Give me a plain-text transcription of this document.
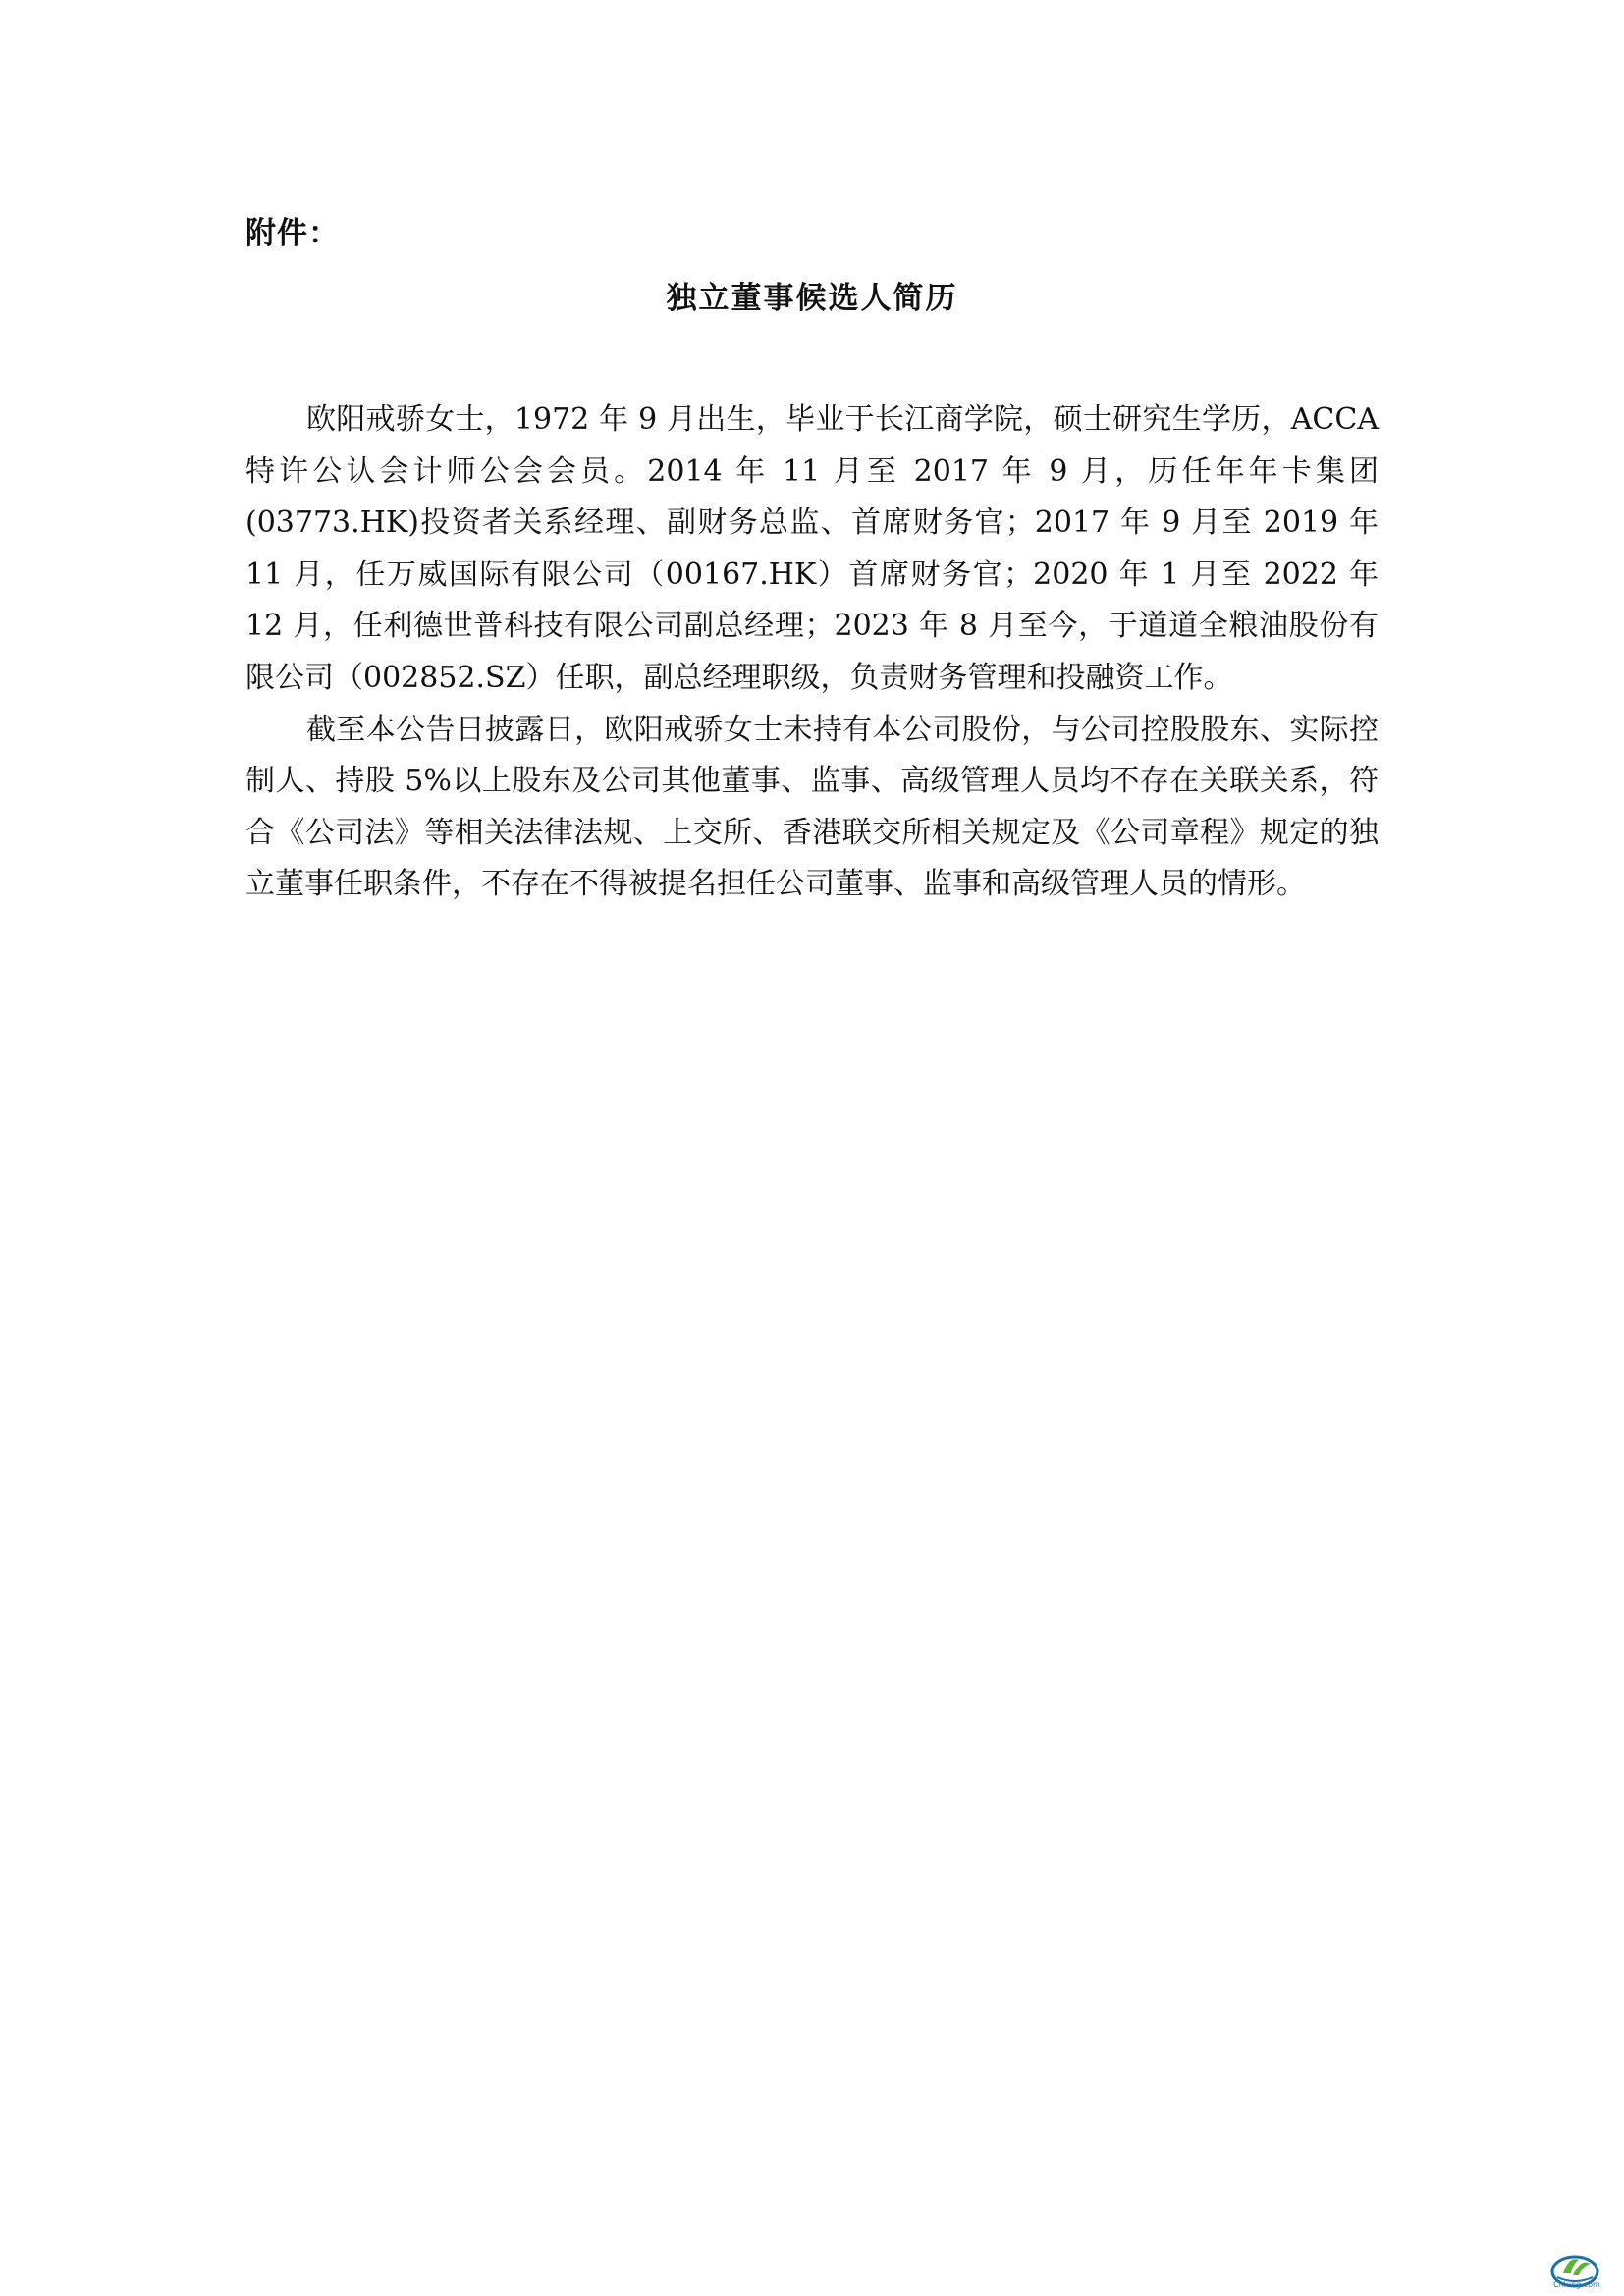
附件：
独立董事候选人简历

欧阳戒骄女士，1972 年 9 月出生，毕业于长江商学院，硕士研究生学历，ACCA 特许公认会计师公会会员。2014 年 11 月至 2017 年 9 月，历任年年卡集团(03773.HK)投资者关系经理、副财务总监、首席财务官；2017 年 9 月至 2019 年 11 月，任万威国际有限公司（00167.HK）首席财务官；2020 年 1 月至 2022 年 12 月，任利德世普科技有限公司副总经理；2023 年 8 月至今，于道道全粮油股份有限公司（002852.SZ）任职，副总经理职级，负责财务管理和投融资工作。

截至本公告日披露日，欧阳戒骄女士未持有本公司股份，与公司控股股东、实际控制人、持股 5%以上股东及公司其他董事、监事、高级管理人员均不存在关联关系，符合《公司法》等相关法律法规、上交所、香港联交所相关规定及《公司章程》规定的独立董事任职条件，不存在不得被提名担任公司董事、监事和高级管理人员的情形。

Cnlung.com
